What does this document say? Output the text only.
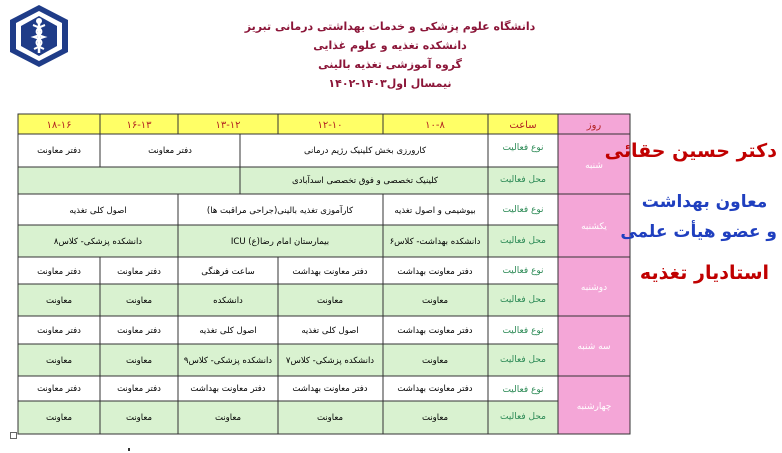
دانشگاه علوم پزشکی و خدمات بهداشتی درمانی تبریز
دانشکده تغذیه و علوم غذایی
گروه آموزشی تغذیه بالینی
نیمسال اول۱۴۰۳-۱۴۰۲
روز
ساعت
۱۰-۸
۱۲-۱۰
۱۳-۱۲
۱۶-۱۳
۱۸-۱۶
شنبه
یکشنبه
دوشنبه
سه شنبه
چهارشنبه
نوع فعالیت
محل فعالیت
نوع فعالیت
محل فعالیت
نوع فعالیت
محل فعالیت
نوع فعالیت
محل فعالیت
نوع فعالیت
محل فعالیت
کارورزی بخش کلینیک رژیم درمانی
دفتر معاونت
دفتر معاونت
کلینیک تخصصی و فوق تخصصی اسدآبادی
بیوشیمی و اصول تغذیه
کارآموزی تغذیه بالینی(جراحی مراقبت ها)
اصول کلی تغذیه
دانشکده بهداشت- کلاس۶
ICU بیمارستان امام رضا(ع)
دانشکده پزشکی- کلاس۸
دفتر معاونت بهداشت
دفتر معاونت بهداشت
ساعت فرهنگی
دفتر معاونت
دفتر معاونت
معاونت
معاونت
دانشکده
معاونت
معاونت
دفتر معاونت بهداشت
اصول کلی تغذیه
اصول کلی تغذیه
دفتر معاونت
دفتر معاونت
معاونت
دانشکده پزشکی- کلاس۷
دانشکده پزشکی- کلاس۹
معاونت
معاونت
دفتر معاونت بهداشت
دفتر معاونت بهداشت
دفتر معاونت بهداشت
دفتر معاونت
دفتر معاونت
معاونت
معاونت
معاونت
معاونت
معاونت
دکتر حسین حقائی
معاون بهداشت
و عضو هیأت علمی
استادیار تغذیه
